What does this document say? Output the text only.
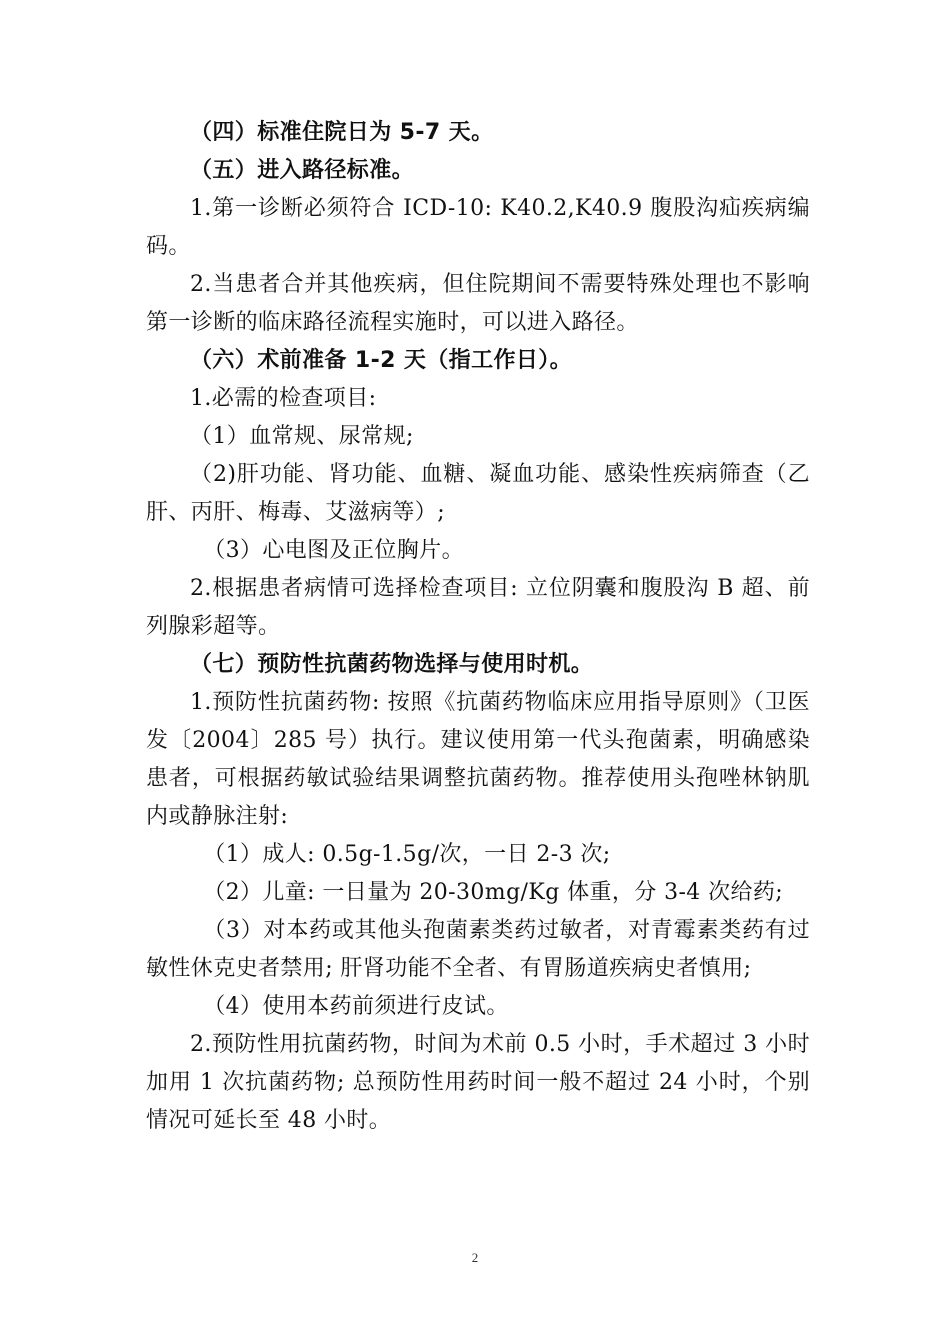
（四）标准住院日为 5-7 天。

（五）进入路径标准。

1.第一诊断必须符合 ICD-10: K40.2,K40.9 腹股沟疝疾病编码。

2.当患者合并其他疾病，但住院期间不需要特殊处理也不影响第一诊断的临床路径流程实施时，可以进入路径。

（六）术前准备 1-2 天（指工作日）。

1.必需的检查项目:

（1）血常规、尿常规;

（2)肝功能、肾功能、血糖、凝血功能、感染性疾病筛查（乙肝、丙肝、梅毒、艾滋病等）;

（3）心电图及正位胸片。

2.根据患者病情可选择检查项目: 立位阴囊和腹股沟 B 超、前列腺彩超等。

（七）预防性抗菌药物选择与使用时机。

1.预防性抗菌药物: 按照《抗菌药物临床应用指导原则》（卫医发〔2004〕285 号）执行。建议使用第一代头孢菌素，明确感染患者，可根据药敏试验结果调整抗菌药物。推荐使用头孢唑林钠肌内或静脉注射:

（1）成人: 0.5g-1.5g/次，一日 2-3 次;

（2）儿童: 一日量为 20-30mg/Kg 体重，分 3-4 次给药;

（3）对本药或其他头孢菌素类药过敏者，对青霉素类药有过敏性休克史者禁用; 肝肾功能不全者、有胃肠道疾病史者慎用;

（4）使用本药前须进行皮试。

2.预防性用抗菌药物，时间为术前 0.5 小时，手术超过 3 小时加用 1 次抗菌药物; 总预防性用药时间一般不超过 24 小时，个别情况可延长至 48 小时。

2
